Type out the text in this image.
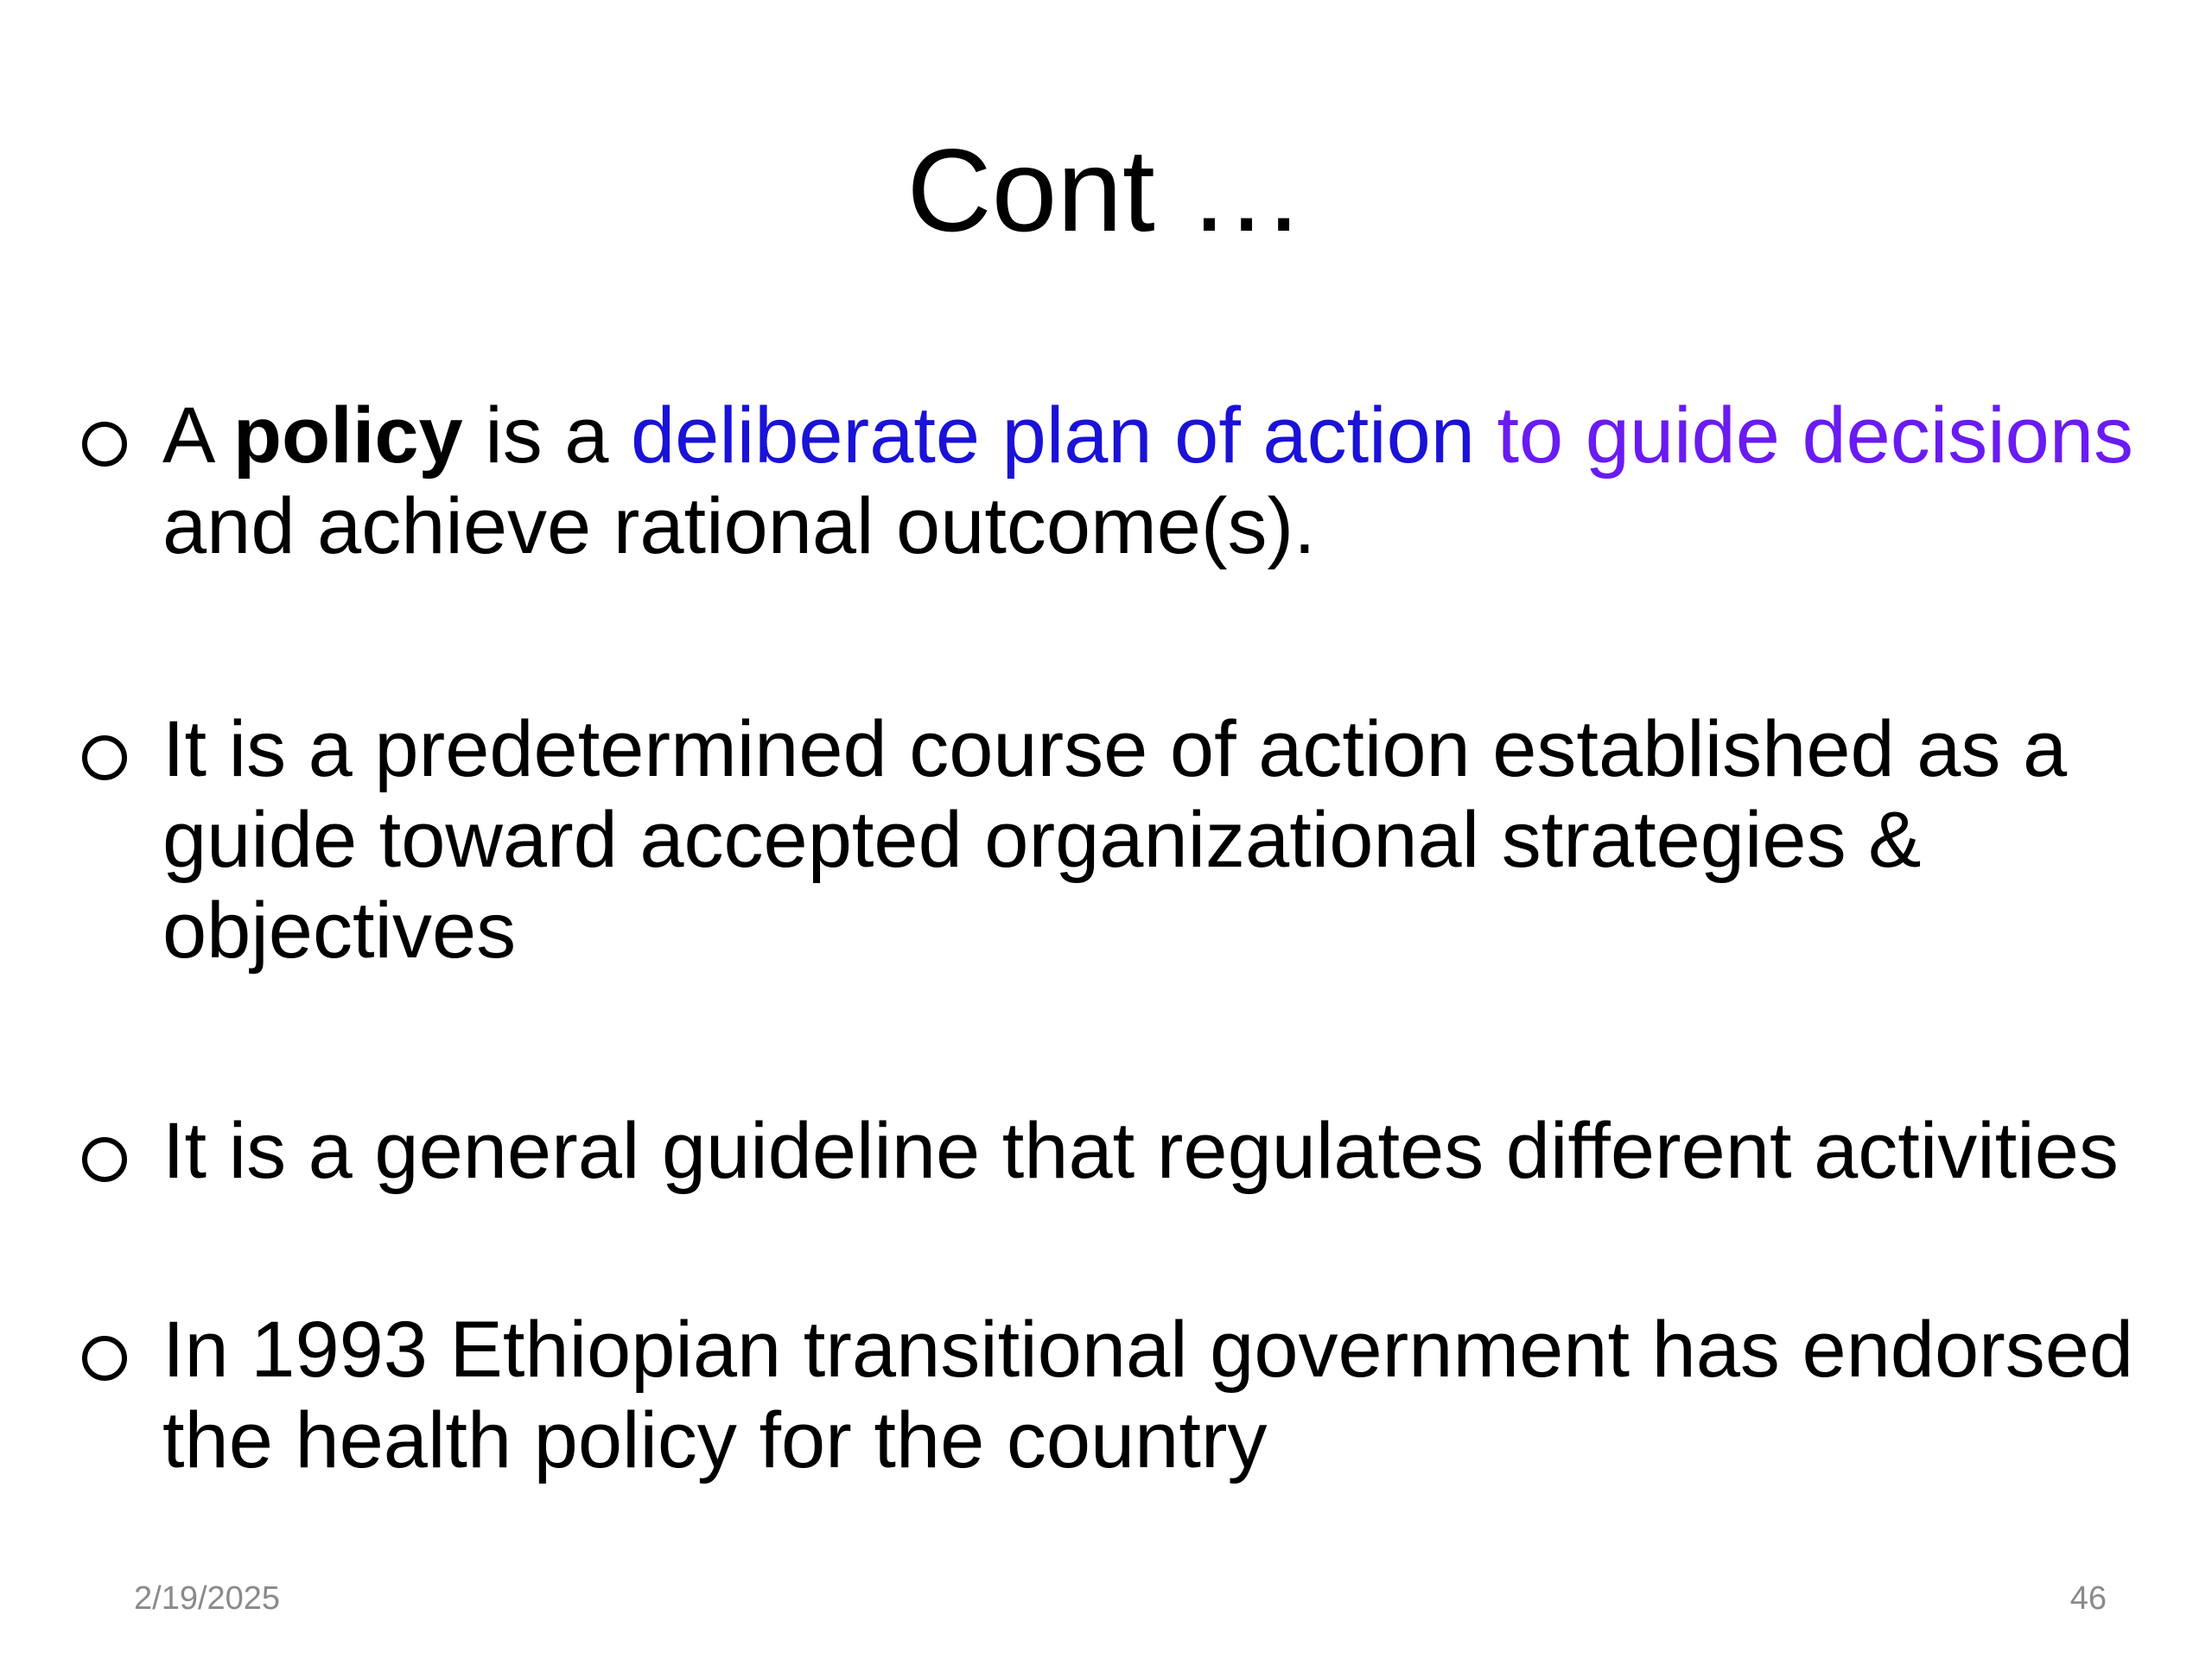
Cont …
A policy is a deliberate plan of action to guide decisions and achieve rational outcome(s).
It is a predetermined course of action established as a guide toward accepted organizational strategies & objectives
It is a general guideline that regulates different activities
In 1993 Ethiopian transitional government has endorsed the health policy for the country
2/19/2025	46
